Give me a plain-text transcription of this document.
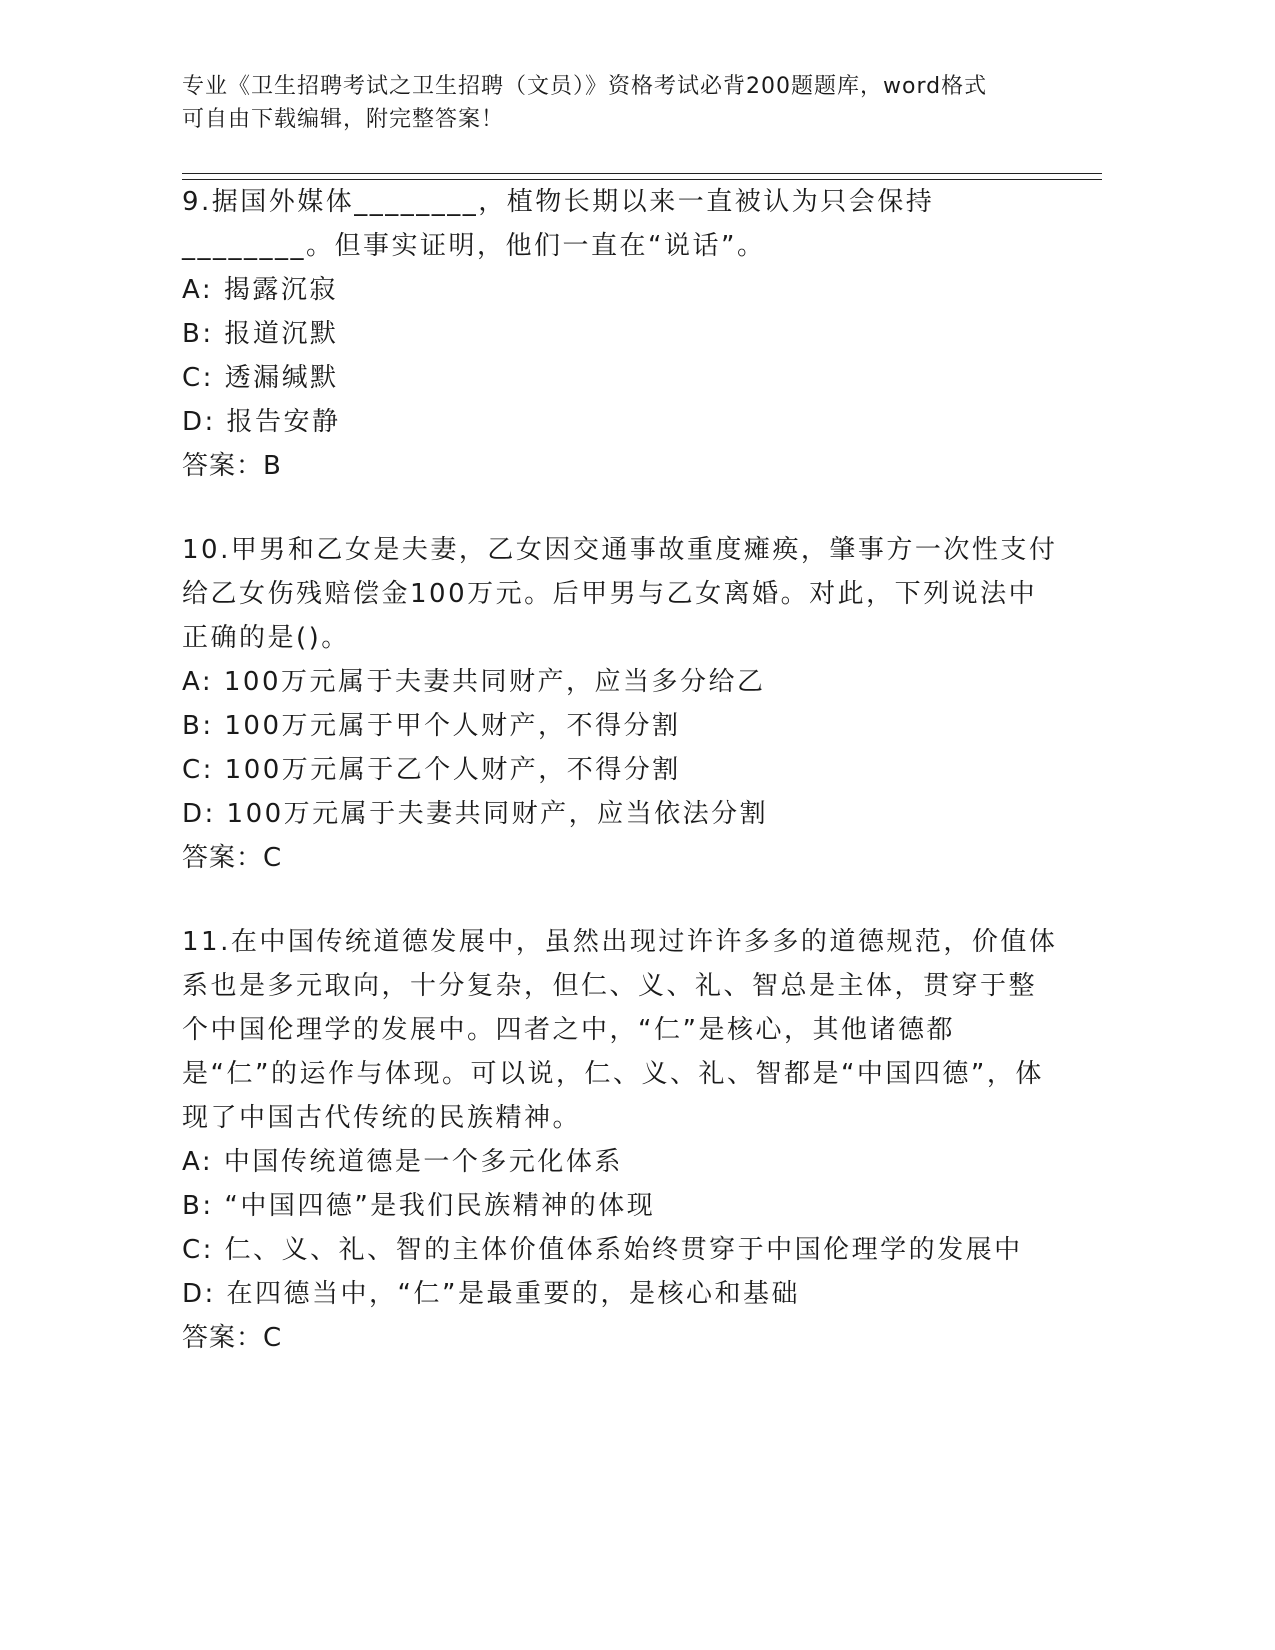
专业《卫生招聘考试之卫生招聘（文员）》资格考试必背200题题库，word格式
可自由下载编辑，附完整答案！
9.据国外媒体________，植物长期以来一直被认为只会保持________。但事实证明，他们一直在“说话”。
A: 揭露沉寂
B: 报道沉默
C: 透漏缄默
D: 报告安静
答案：B
10.甲男和乙女是夫妻，乙女因交通事故重度瘫痪，肇事方一次性支付给乙女伤残赔偿金100万元。后甲男与乙女离婚。对此，下列说法中正确的是()。
A: 100万元属于夫妻共同财产，应当多分给乙
B: 100万元属于甲个人财产，不得分割
C: 100万元属于乙个人财产，不得分割
D: 100万元属于夫妻共同财产，应当依法分割
答案：C
11.在中国传统道德发展中，虽然出现过许许多多的道德规范，价值体系也是多元取向，十分复杂，但仁、义、礼、智总是主体，贯穿于整个中国伦理学的发展中。四者之中，“仁”是核心，其他诸德都是“仁”的运作与体现。可以说，仁、义、礼、智都是“中国四德”，体现了中国古代传统的民族精神。
A: 中国传统道德是一个多元化体系
B: “中国四德”是我们民族精神的体现
C: 仁、义、礼、智的主体价值体系始终贯穿于中国伦理学的发展中
D: 在四德当中，“仁”是最重要的，是核心和基础
答案：C
